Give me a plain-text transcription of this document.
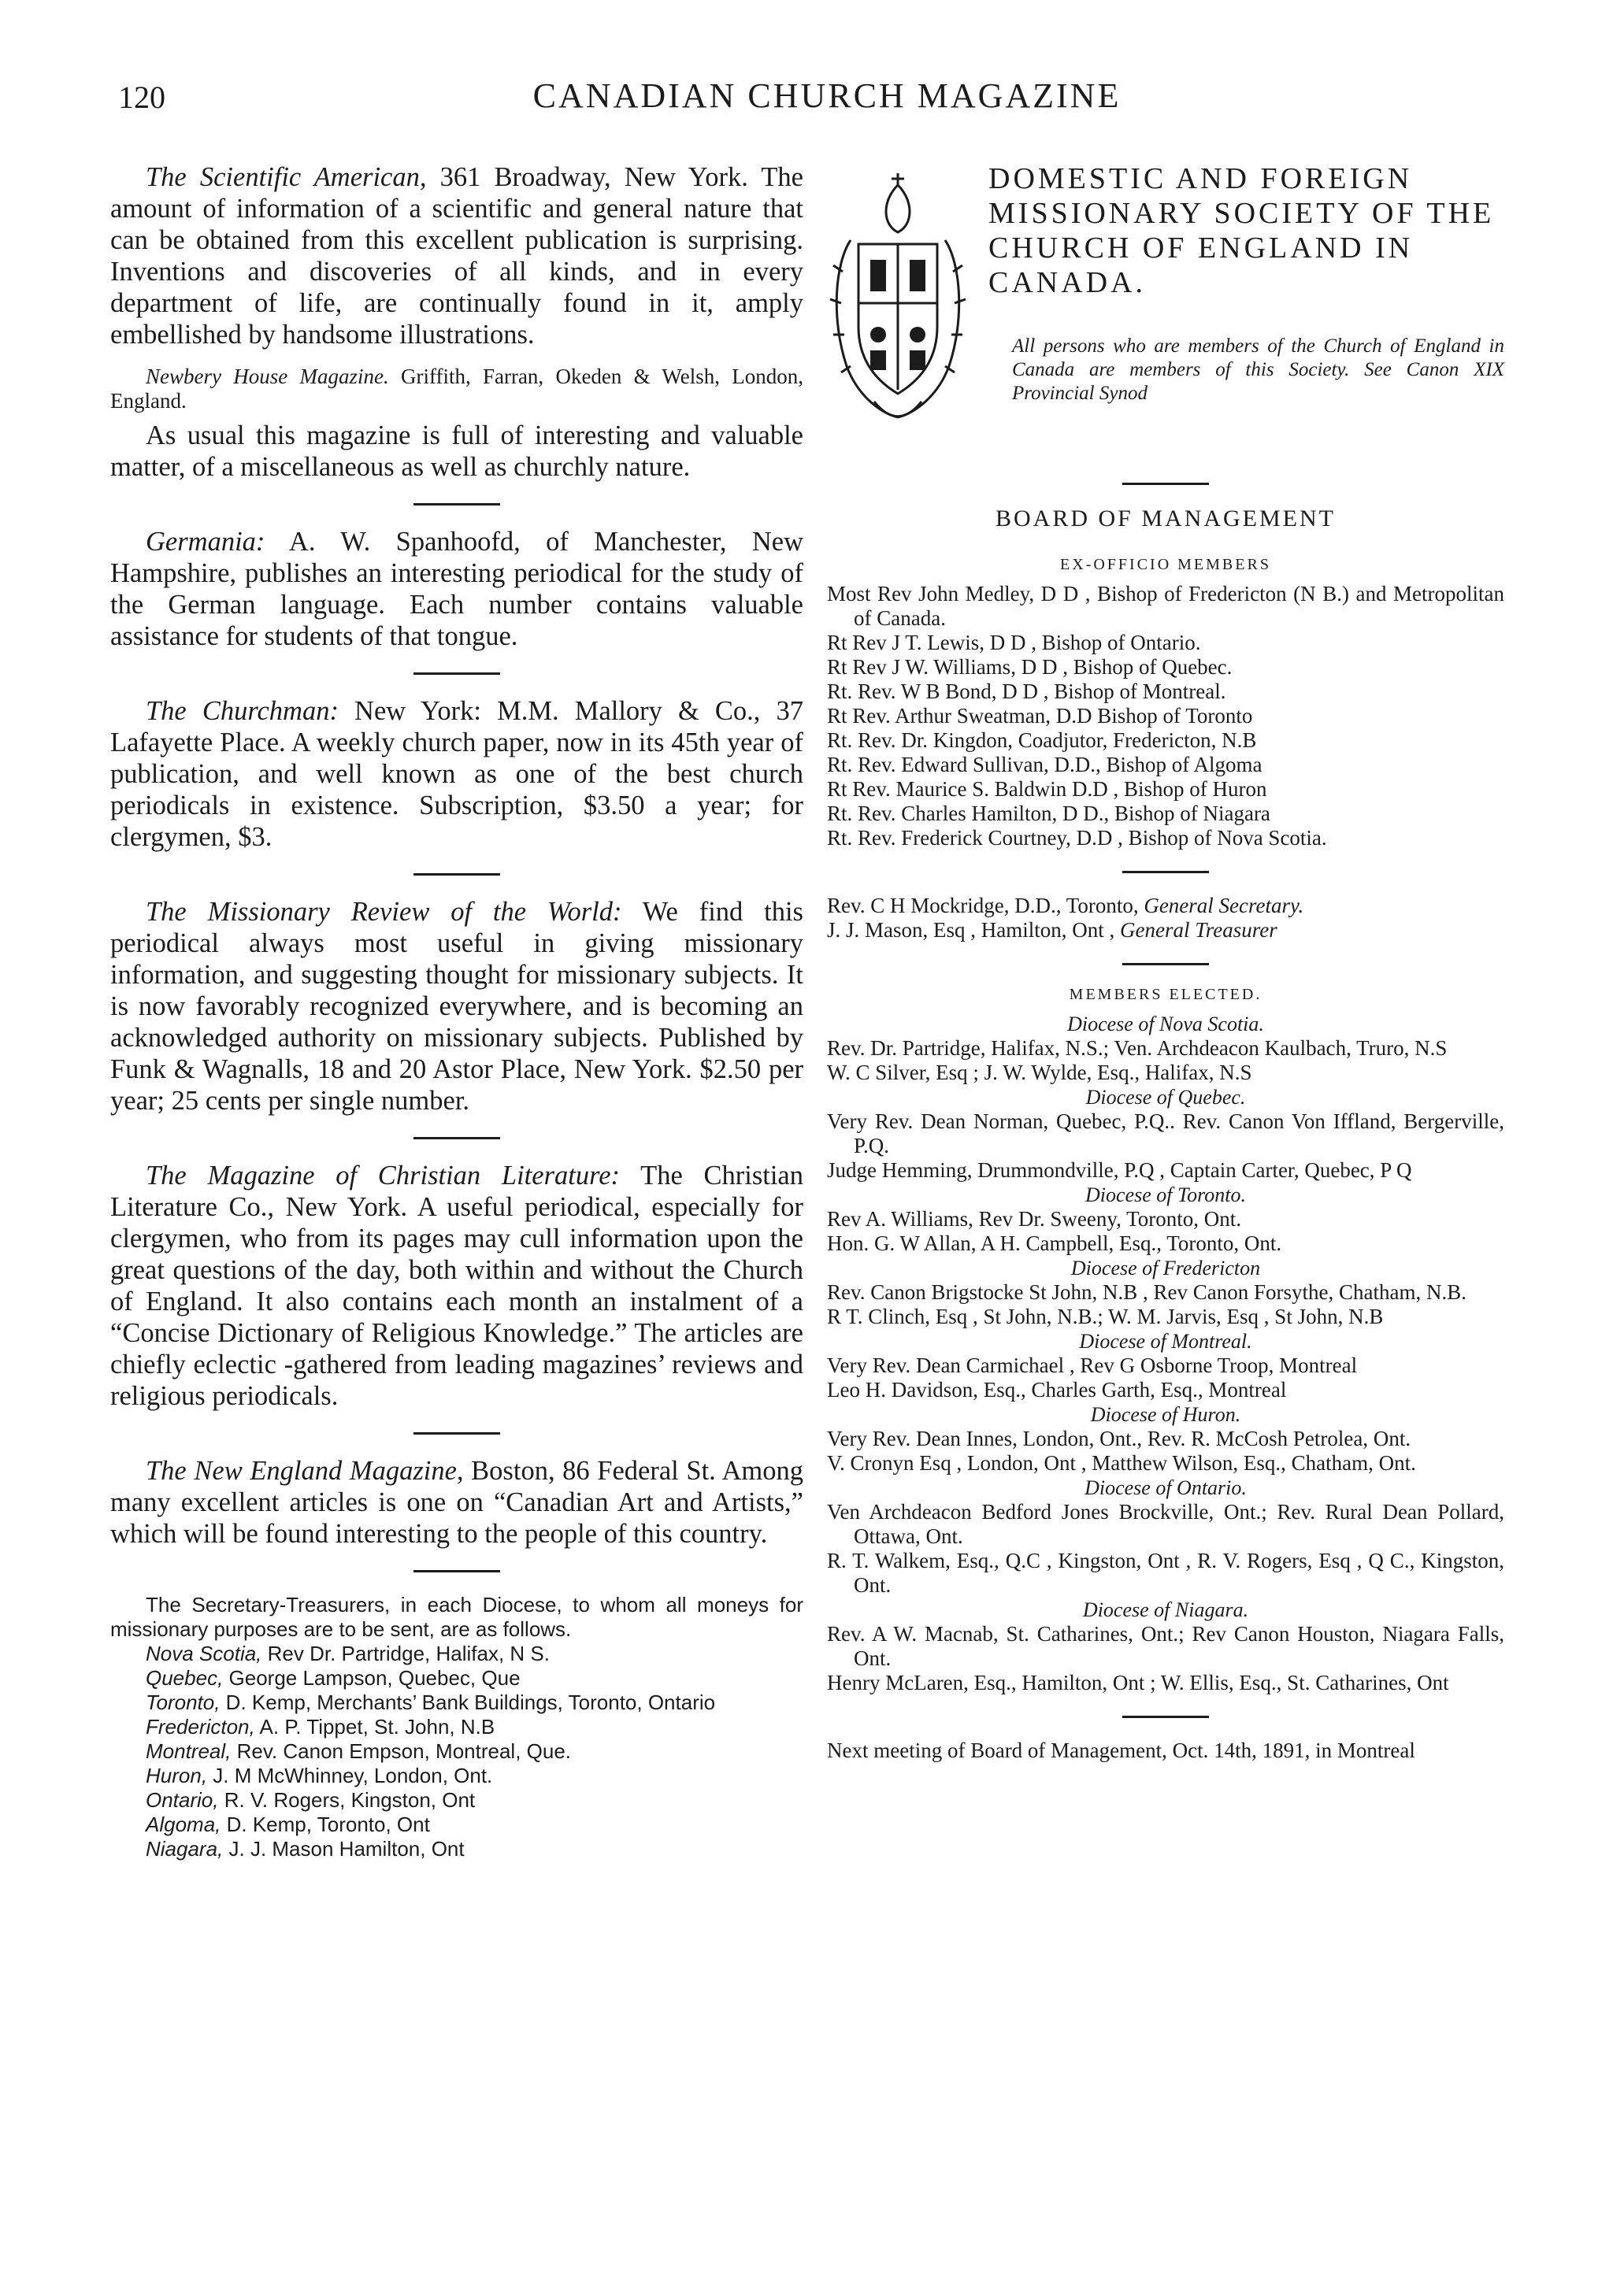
120	CANADIAN CHURCH MAGAZINE

The Scientific American, 361 Broadway, New York. The amount of information of a scientific and general nature that can be obtained from this excellent publication is surprising. Inventions and discoveries of all kinds, and in every department of life, are continually found in it, amply embellished by handsome illustrations.

Newbery House Magazine. Griffith, Farran, Okeden & Welsh, London, England.

As usual this magazine is full of interesting and valuable matter, of a miscellaneous as well as churchly nature.

Germania: A. W. Spanhoofd, of Manchester, New Hampshire, publishes an interesting periodical for the study of the German language. Each number contains valuable assistance for students of that tongue.

The Churchman: New York: M.M. Mallory & Co., 37 Lafayette Place. A weekly church paper, now in its 45th year of publication, and well known as one of the best church periodicals in existence. Subscription, $3.50 a year; for clergymen, $3.

The Missionary Review of the World: We find this periodical always most useful in giving missionary information, and suggesting thought for missionary subjects. It is now favorably recognized everywhere, and is becoming an acknowledged authority on missionary subjects. Published by Funk & Wagnalls, 18 and 20 Astor Place, New York. $2.50 per year; 25 cents per single number.

The Magazine of Christian Literature: The Christian Literature Co., New York. A useful periodical, especially for clergymen, who from its pages may cull information upon the great questions of the day, both within and without the Church of England. It also contains each month an instalment of a “Concise Dictionary of Religious Knowledge.” The articles are chiefly eclectic -gathered from leading magazines’ reviews and religious periodicals.

The New England Magazine, Boston, 86 Federal St. Among many excellent articles is one on “Canadian Art and Artists,” which will be found interesting to the people of this country.

The Secretary-Treasurers, in each Diocese, to whom all moneys for missionary purposes are to be sent, are as follows.

Nova Scotia, Rev Dr. Partridge, Halifax, N S.
Quebec, George Lampson, Quebec, Que
Toronto, D. Kemp, Merchants’ Bank Buildings, Toronto, Ontario
Fredericton, A. P. Tippet, St. John, N.B
Montreal, Rev. Canon Empson, Montreal, Que.
Huron, J. M McWhinney, London, Ont.
Ontario, R. V. Rogers, Kingston, Ont
Algoma, D. Kemp, Toronto, Ont
Niagara, J. J. Mason Hamilton, Ont
DOMESTIC AND FOREIGN MISSIONARY SOCIETY OF THE CHURCH OF ENGLAND IN CANADA.

All persons who are members of the Church of England in Canada are members of this Society. See Canon XIX Provincial Synod

BOARD OF MANAGEMENT
EX-OFFICIO MEMBERS
Most Rev John Medley, D D , Bishop of Fredericton (N B.) and Metropolitan of Canada.
Rt Rev J T. Lewis, D D , Bishop of Ontario.
Rt Rev J W. Williams, D D , Bishop of Quebec.
Rt. Rev. W B Bond, D D , Bishop of Montreal.
Rt Rev. Arthur Sweatman, D.D Bishop of Toronto
Rt. Rev. Dr. Kingdon, Coadjutor, Fredericton, N.B
Rt. Rev. Edward Sullivan, D.D., Bishop of Algoma
Rt Rev. Maurice S. Baldwin D.D , Bishop of Huron
Rt. Rev. Charles Hamilton, D D., Bishop of Niagara
Rt. Rev. Frederick Courtney, D.D , Bishop of Nova Scotia.

Rev. C H Mockridge, D.D., Toronto, General Secretary.

J. J. Mason, Esq , Hamilton, Ont , General Treasurer

MEMBERS ELECTED.
Diocese of Nova Scotia.
Rev. Dr. Partridge, Halifax, N.S.; Ven. Archdeacon Kaulbach, Truro, N.S
W. C Silver, Esq ; J. W. Wylde, Esq., Halifax, N.S
Diocese of Quebec.
Very Rev. Dean Norman, Quebec, P.Q.. Rev. Canon Von Iffland, Bergerville, P.Q.
Judge Hemming, Drummondville, P.Q , Captain Carter, Quebec, P Q
Diocese of Toronto.
Rev A. Williams, Rev Dr. Sweeny, Toronto, Ont.
Hon. G. W Allan, A H. Campbell, Esq., Toronto, Ont.
Diocese of Fredericton
Rev. Canon Brigstocke St John, N.B , Rev Canon Forsythe, Chatham, N.B.
R T. Clinch, Esq , St John, N.B.; W. M. Jarvis, Esq , St John, N.B
Diocese of Montreal.
Very Rev. Dean Carmichael , Rev G Osborne Troop, Montreal
Leo H. Davidson, Esq., Charles Garth, Esq., Montreal
Diocese of Huron.
Very Rev. Dean Innes, London, Ont., Rev. R. McCosh Petrolea, Ont.
V. Cronyn Esq , London, Ont , Matthew Wilson, Esq., Chatham, Ont.
Diocese of Ontario.
Ven Archdeacon Bedford Jones Brockville, Ont.; Rev. Rural Dean Pollard, Ottawa, Ont.
R. T. Walkem, Esq., Q.C , Kingston, Ont , R. V. Rogers, Esq , Q C., Kingston, Ont.
Diocese of Niagara.
Rev. A W. Macnab, St. Catharines, Ont.; Rev Canon Houston, Niagara Falls, Ont.
Henry McLaren, Esq., Hamilton, Ont ; W. Ellis, Esq., St. Catharines, Ont

Next meeting of Board of Management, Oct. 14th, 1891, in Montreal
